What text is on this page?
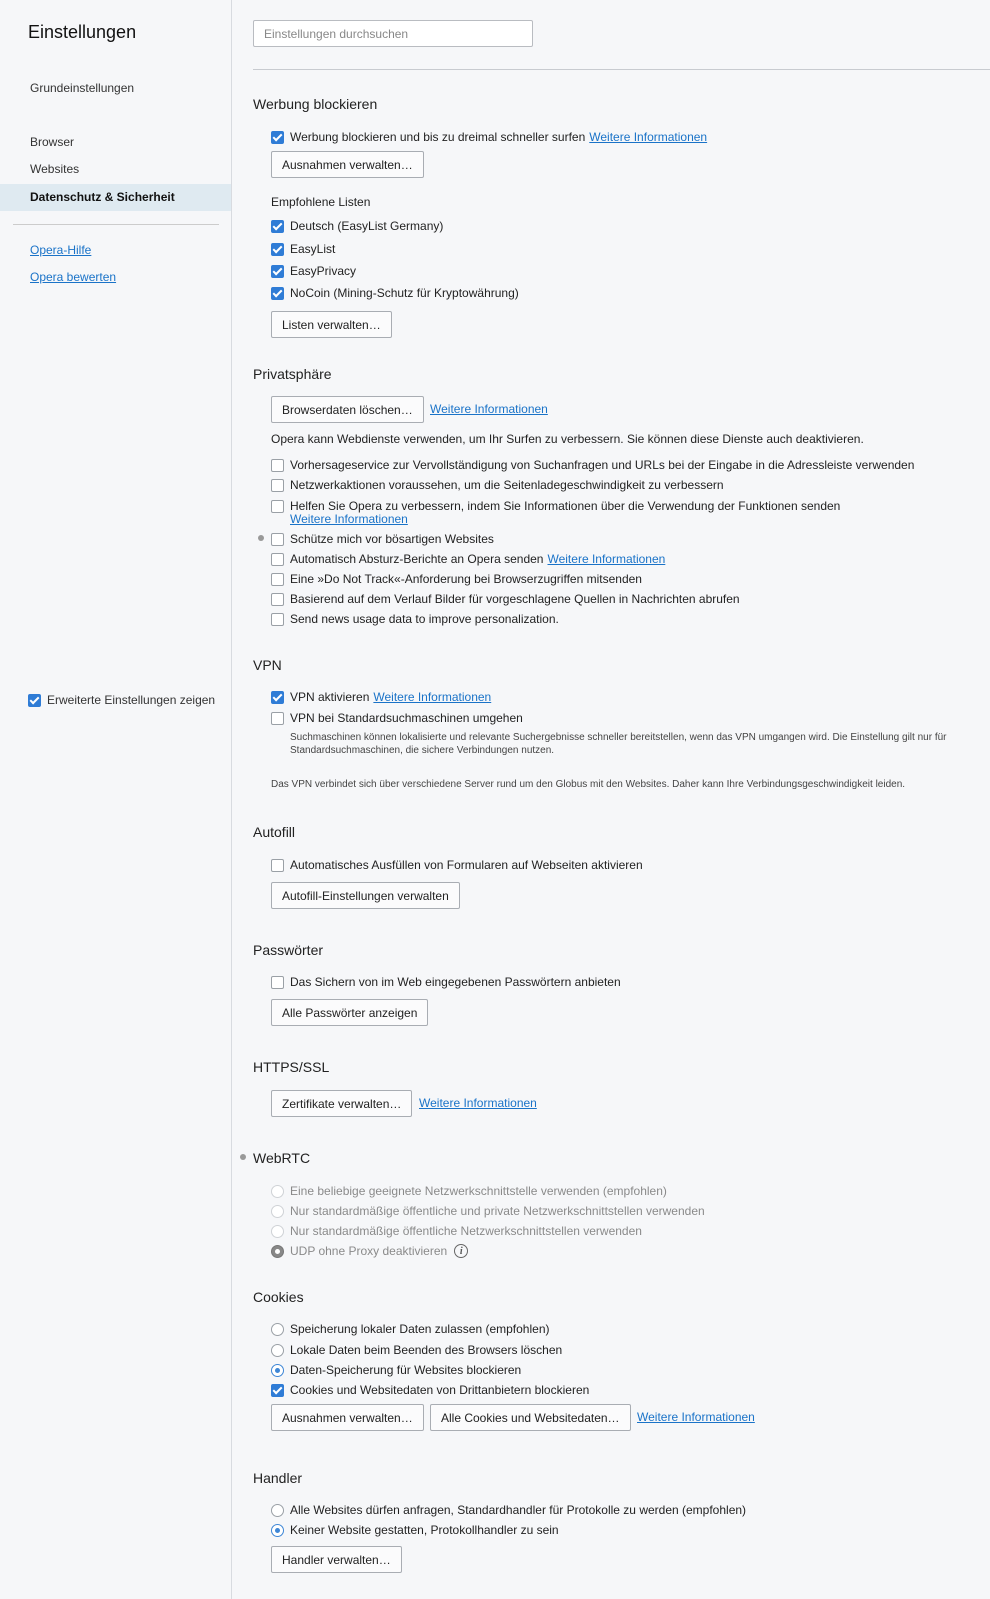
Einstellungen
Grundeinstellungen
Browser
Websites
Datenschutz & Sicherheit
Opera-Hilfe
Opera bewerten
Erweiterte Einstellungen zeigen
Einstellungen durchsuchen
Werbung blockieren
Werbung blockieren und bis zu dreimal schneller surfen Weitere Informationen
Ausnahmen verwalten…
Empfohlene Listen
Deutsch (EasyList Germany)
EasyList
EasyPrivacy
NoCoin (Mining-Schutz für Kryptowährung)
Listen verwalten…
Privatsphäre
Browserdaten löschen…	Weitere Informationen
Opera kann Webdienste verwenden, um Ihr Surfen zu verbessern. Sie können diese Dienste auch deaktivieren.
Vorhersageservice zur Vervollständigung von Suchanfragen und URLs bei der Eingabe in die Adressleiste verwenden
Netzwerkaktionen voraussehen, um die Seitenladegeschwindigkeit zu verbessern
Helfen Sie Opera zu verbessern, indem Sie Informationen über die Verwendung der Funktionen senden
Weitere Informationen
Schütze mich vor bösartigen Websites
Automatisch Absturz-Berichte an Opera senden Weitere Informationen
Eine »Do Not Track«-Anforderung bei Browserzugriffen mitsenden
Basierend auf dem Verlauf Bilder für vorgeschlagene Quellen in Nachrichten abrufen
Send news usage data to improve personalization.
VPN
VPN aktivieren Weitere Informationen
VPN bei Standardsuchmaschinen umgehen
Suchmaschinen können lokalisierte und relevante Suchergebnisse schneller bereitstellen, wenn das VPN umgangen wird. Die Einstellung gilt nur für Standardsuchmaschinen, die sichere Verbindungen nutzen.
Das VPN verbindet sich über verschiedene Server rund um den Globus mit den Websites. Daher kann Ihre Verbindungsgeschwindigkeit leiden.
Autofill
Automatisches Ausfüllen von Formularen auf Webseiten aktivieren
Autofill-Einstellungen verwalten
Passwörter
Das Sichern von im Web eingegebenen Passwörtern anbieten
Alle Passwörter anzeigen
HTTPS/SSL
Zertifikate verwalten…	Weitere Informationen
WebRTC
Eine beliebige geeignete Netzwerkschnittstelle verwenden (empfohlen)
Nur standardmäßige öffentliche und private Netzwerkschnittstellen verwenden
Nur standardmäßige öffentliche Netzwerkschnittstellen verwenden
UDP ohne Proxy deaktivieren	i
Cookies
Speicherung lokaler Daten zulassen (empfohlen)
Lokale Daten beim Beenden des Browsers löschen
Daten-Speicherung für Websites blockieren
Cookies und Websitedaten von Drittanbietern blockieren
Ausnahmen verwalten…	Alle Cookies und Websitedaten…	Weitere Informationen
Handler
Alle Websites dürfen anfragen, Standardhandler für Protokolle zu werden (empfohlen)
Keiner Website gestatten, Protokollhandler zu sein
Handler verwalten…
